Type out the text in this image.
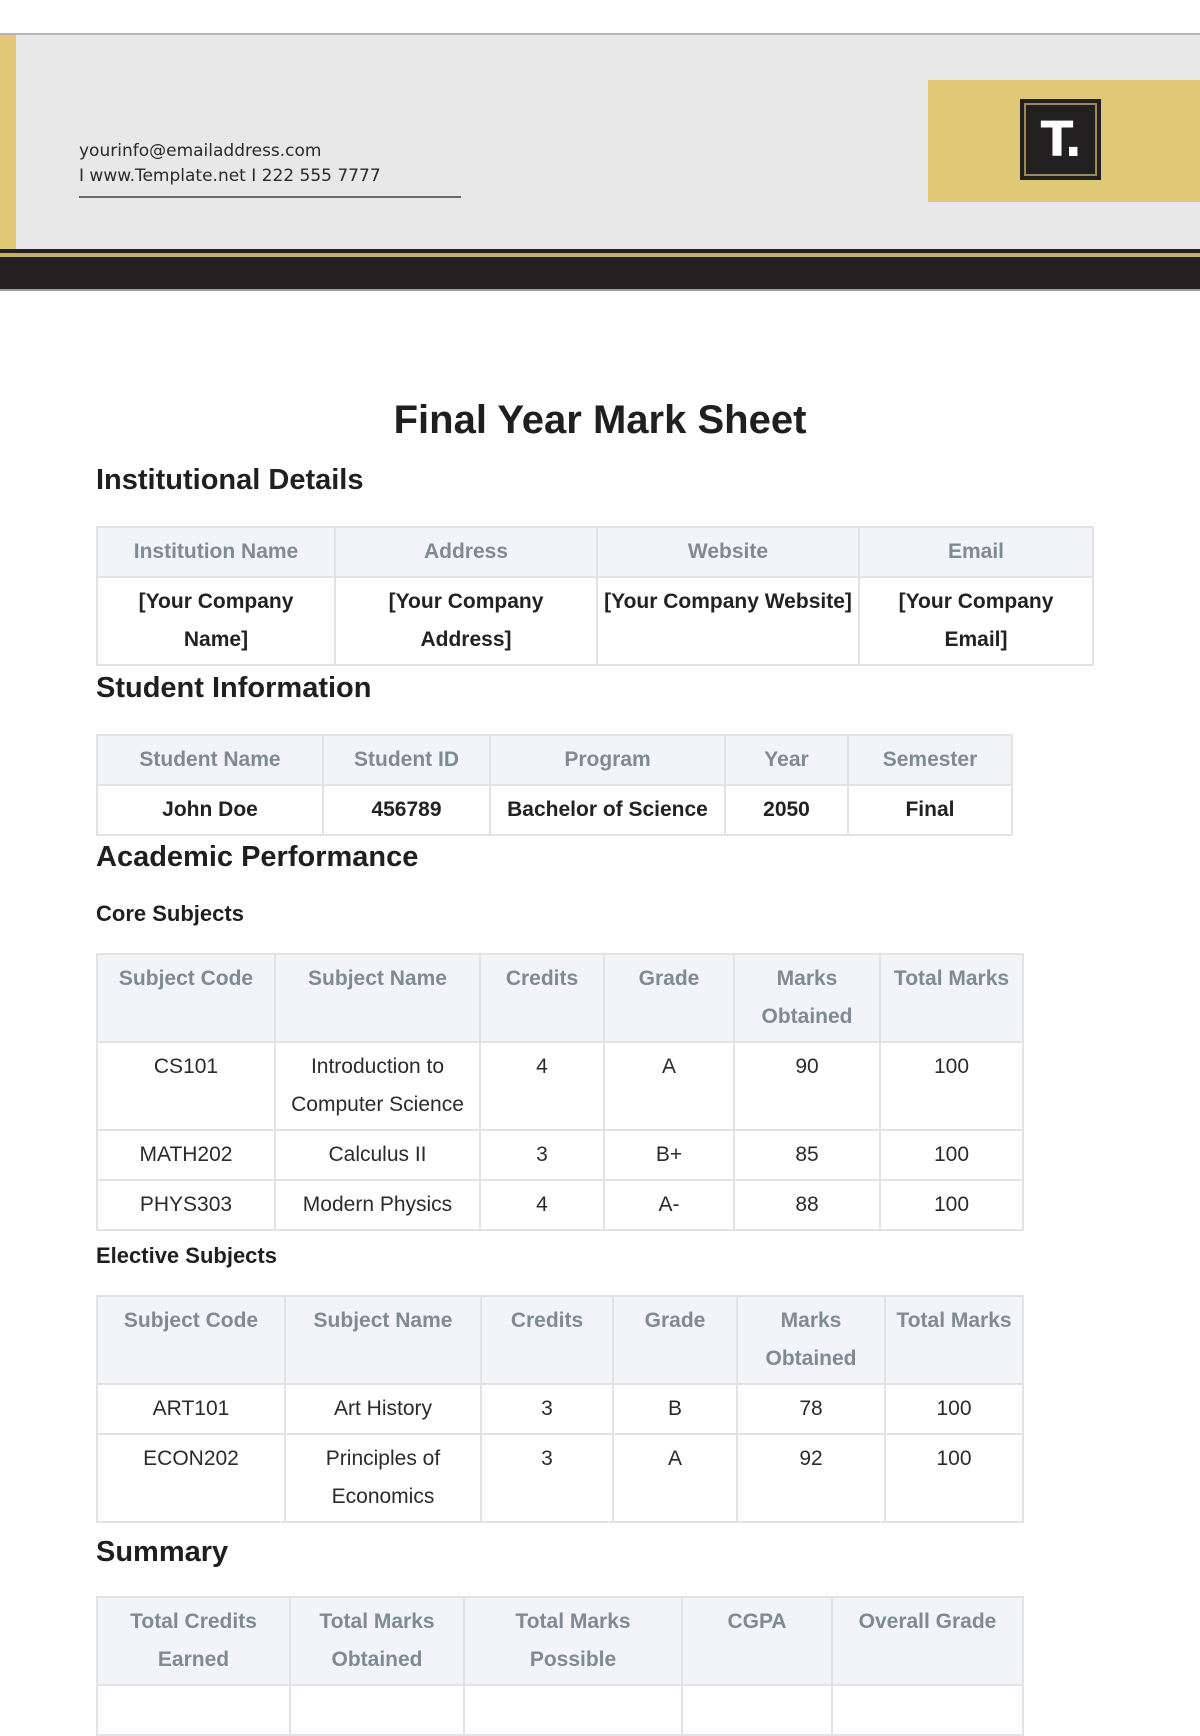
yourinfo@emailaddress.com
I www.Template.net I 222 555 7777
T.
Final Year Mark Sheet
Institutional Details
Institution Name	Address	Website	Email
[Your Company Name]	[Your Company Address]	[Your Company Website]	[Your Company Email]
Student Information
Student Name	Student ID	Program	Year	Semester
John Doe	456789	Bachelor of Science	2050	Final
Academic Performance
Core Subjects
Subject Code	Subject Name	Credits	Grade	Marks Obtained	Total Marks
CS101	Introduction to Computer Science	4	A	90	100
MATH202	Calculus II	3	B+	85	100
PHYS303	Modern Physics	4	A-	88	100
Elective Subjects
Subject Code	Subject Name	Credits	Grade	Marks Obtained	Total Marks
ART101	Art History	3	B	78	100
ECON202	Principles of Economics	3	A	92	100
Summary
Total Credits Earned	Total Marks Obtained	Total Marks Possible	CGPA	Overall Grade
